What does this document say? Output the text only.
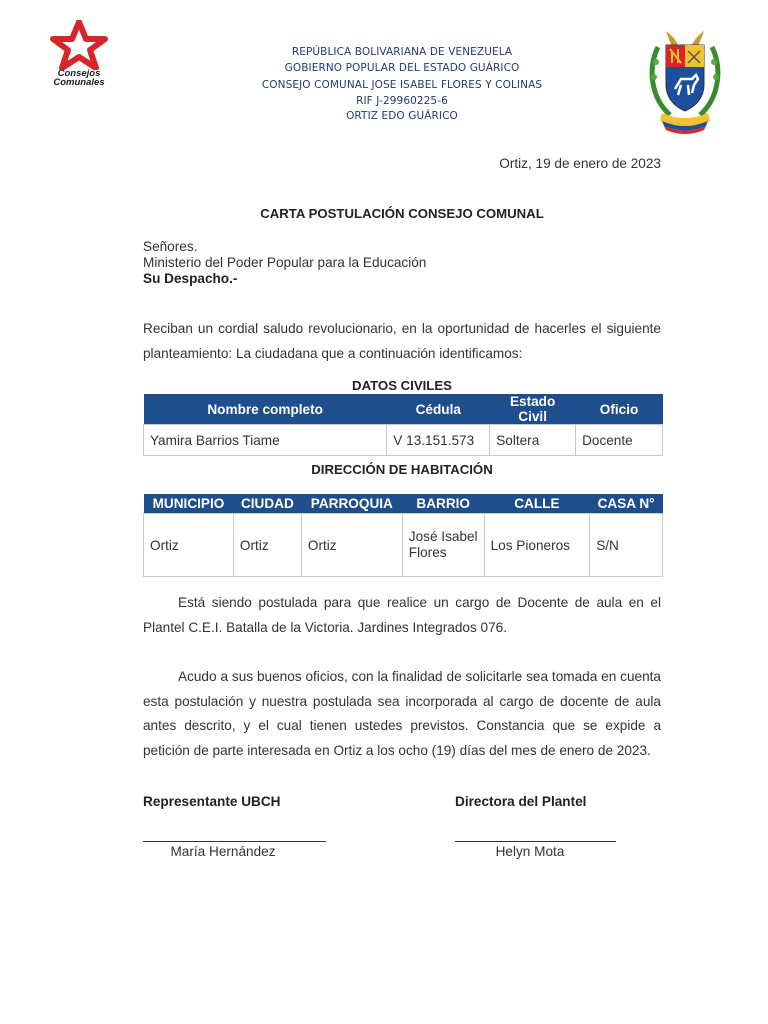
Consejos
Comunales
REPÚBLICA BOLIVARIANA DE VENEZUELA
GOBIERNO POPULAR DEL ESTADO GUÁRICO
CONSEJO COMUNAL JOSE ISABEL FLORES Y COLINAS
RIF J-29960225-6
ORTIZ EDO GUÁRICO
Ortiz, 19 de enero de 2023
CARTA POSTULACIÓN CONSEJO COMUNAL
Señores.
Ministerio del Poder Popular para la Educación
Su Despacho.-
Reciban un cordial saludo revolucionario, en la oportunidad de hacerles el siguiente planteamiento: La ciudadana que a continuación identificamos:
DATOS CIVILES
Nombre completo	Cédula	Estado Civil	Oficio
Yamira Barrios Tiame	V 13.151.573	Soltera	Docente
DIRECCIÓN DE HABITACIÓN
MUNICIPIO	CIUDAD	PARROQUIA	BARRIO	CALLE	CASA N°
Ortiz	Ortiz	Ortiz	José Isabel Flores	Los Pioneros	S/N
Está siendo postulada para que realice un cargo de Docente de aula en el Plantel C.E.I. Batalla de la Victoria. Jardines Integrados 076.
Acudo a sus buenos oficios, con la finalidad de solicitarle sea tomada en cuenta esta postulación y nuestra postulada sea incorporada al cargo de docente de aula antes descrito, y el cual tienen ustedes previstos. Constancia que se expide a petición de parte interesada en Ortiz a los ocho (19) días del mes de enero de 2023.
Representante UBCH	Directora del Plantel
María Hernández	Helyn Mota
